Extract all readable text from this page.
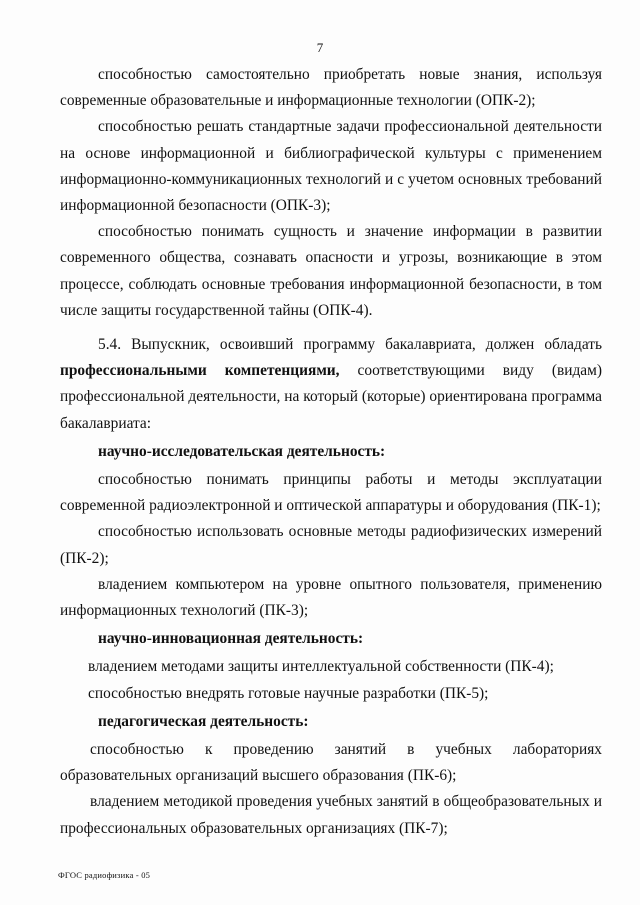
7

способностью самостоятельно приобретать новые знания, используя современные образовательные и информационные технологии (ОПК-2);

способностью решать стандартные задачи профессиональной деятельности на основе информационной и библиографической культуры с применением информационно-коммуникационных технологий и с учетом основных требований информационной безопасности (ОПК-3);

способностью понимать сущность и значение информации в развитии современного общества, сознавать опасности и угрозы, возникающие в этом процессе, соблюдать основные требования информационной безопасности, в том числе защиты государственной тайны (ОПК-4).

5.4. Выпускник, освоивший программу бакалавриата, должен обладать профессиональными компетенциями, соответствующими виду (видам) профессиональной деятельности, на который (которые) ориентирована программа бакалавриата:

научно-исследовательская деятельность:

способностью понимать принципы работы и методы эксплуатации современной радиоэлектронной и оптической аппаратуры и оборудования (ПК-1);

способностью использовать основные методы радиофизических измерений (ПК-2);

владением компьютером на уровне опытного пользователя, применению информационных технологий (ПК-3);

научно-инновационная деятельность:

владением методами защиты интеллектуальной собственности (ПК-4);

способностью внедрять готовые научные разработки (ПК-5);

педагогическая деятельность:

способностью к проведению занятий в учебных лабораториях образовательных организаций высшего образования (ПК-6);

владением методикой проведения учебных занятий в общеобразовательных и профессиональных образовательных организациях (ПК-7);

ФГОС радиофизика - 05
